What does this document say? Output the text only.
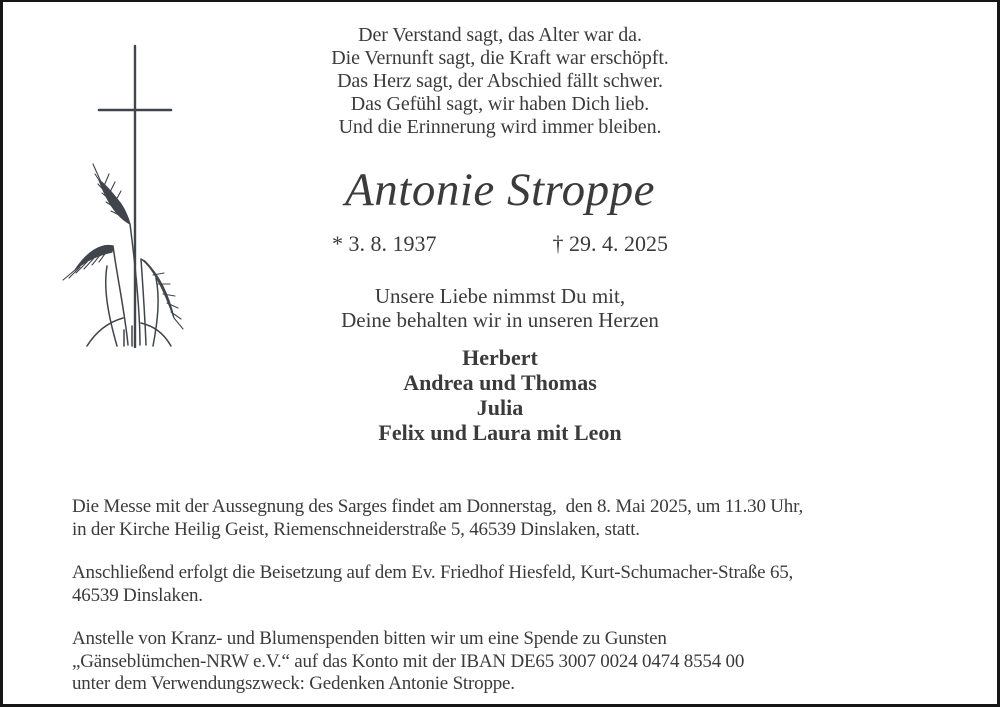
Der Verstand sagt, das Alter war da.
Die Vernunft sagt, die Kraft war erschöpft.
Das Herz sagt, der Abschied fällt schwer.
Das Gefühl sagt, wir haben Dich lieb.
Und die Erinnerung wird immer bleiben.
Antonie Stroppe
* 3. 8. 1937	† 29. 4. 2025
Unsere Liebe nimmst Du mit,
Deine behalten wir in unseren Herzen
Herbert
Andrea und Thomas
Julia
Felix und Laura mit Leon

Die Messe mit der Aussegnung des Sarges findet am Donnerstag,  den 8. Mai 2025, um 11.30 Uhr,
in der Kirche Heilig Geist, Riemenschneiderstraße 5, 46539 Dinslaken, statt.

Anschließend erfolgt die Beisetzung auf dem Ev. Friedhof Hiesfeld, Kurt-Schumacher-Straße 65,
46539 Dinslaken.

Anstelle von Kranz- und Blumenspenden bitten wir um eine Spende zu Gunsten
„Gänseblümchen-NRW e.V.“ auf das Konto mit der IBAN DE65 3007 0024 0474 8554 00
unter dem Verwendungszweck: Gedenken Antonie Stroppe.
